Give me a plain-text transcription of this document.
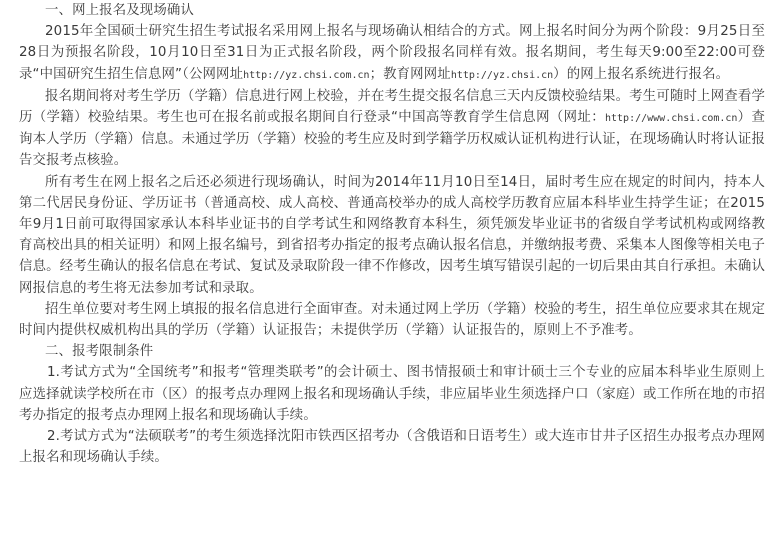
一、网上报名及现场确认

2015年全国硕士研究生招生考试报名采用网上报名与现场确认相结合的方式。网上报名时间分为两个阶段：9月25日至28日为预报名阶段，10月10日至31日为正式报名阶段，两个阶段报名同样有效。报名期间，考生每天9:00至22:00可登录“中国研究生招生信息网”（公网网址http://yz.chsi.com.cn；教育网网址http://yz.chsi.cn）的网上报名系统进行报名。

报名期间将对考生学历（学籍）信息进行网上校验，并在考生提交报名信息三天内反馈校验结果。考生可随时上网查看学历（学籍）校验结果。考生也可在报名前或报名期间自行登录“中国高等教育学生信息网（网址：http://www.chsi.com.cn）查询本人学历（学籍）信息。未通过学历（学籍）校验的考生应及时到学籍学历权威认证机构进行认证，在现场确认时将认证报告交报考点核验。

所有考生在网上报名之后还必须进行现场确认，时间为2014年11月10日至14日，届时考生应在规定的时间内，持本人第二代居民身份证、学历证书（普通高校、成人高校、普通高校举办的成人高校学历教育应届本科毕业生持学生证；在2015年9月1日前可取得国家承认本科毕业证书的自学考试生和网络教育本科生，须凭颁发毕业证书的省级自学考试机构或网络教育高校出具的相关证明）和网上报名编号，到省招考办指定的报考点确认报名信息，并缴纳报考费、采集本人图像等相关电子信息。经考生确认的报名信息在考试、复试及录取阶段一律不作修改，因考生填写错误引起的一切后果由其自行承担。未确认网报信息的考生将无法参加考试和录取。

招生单位要对考生网上填报的报名信息进行全面审查。对未通过网上学历（学籍）校验的考生，招生单位应要求其在规定时间内提供权威机构出具的学历（学籍）认证报告；未提供学历（学籍）认证报告的，原则上不予准考。

二、报考限制条件

1.考试方式为“全国统考”和报考“管理类联考”的会计硕士、图书情报硕士和审计硕士三个专业的应届本科毕业生原则上应选择就读学校所在市（区）的报考点办理网上报名和现场确认手续，非应届毕业生须选择户口（家庭）或工作所在地的市招考办指定的报考点办理网上报名和现场确认手续。

2.考试方式为“法硕联考”的考生须选择沈阳市铁西区招考办（含俄语和日语考生）或大连市甘井子区招生办报考点办理网上报名和现场确认手续。
